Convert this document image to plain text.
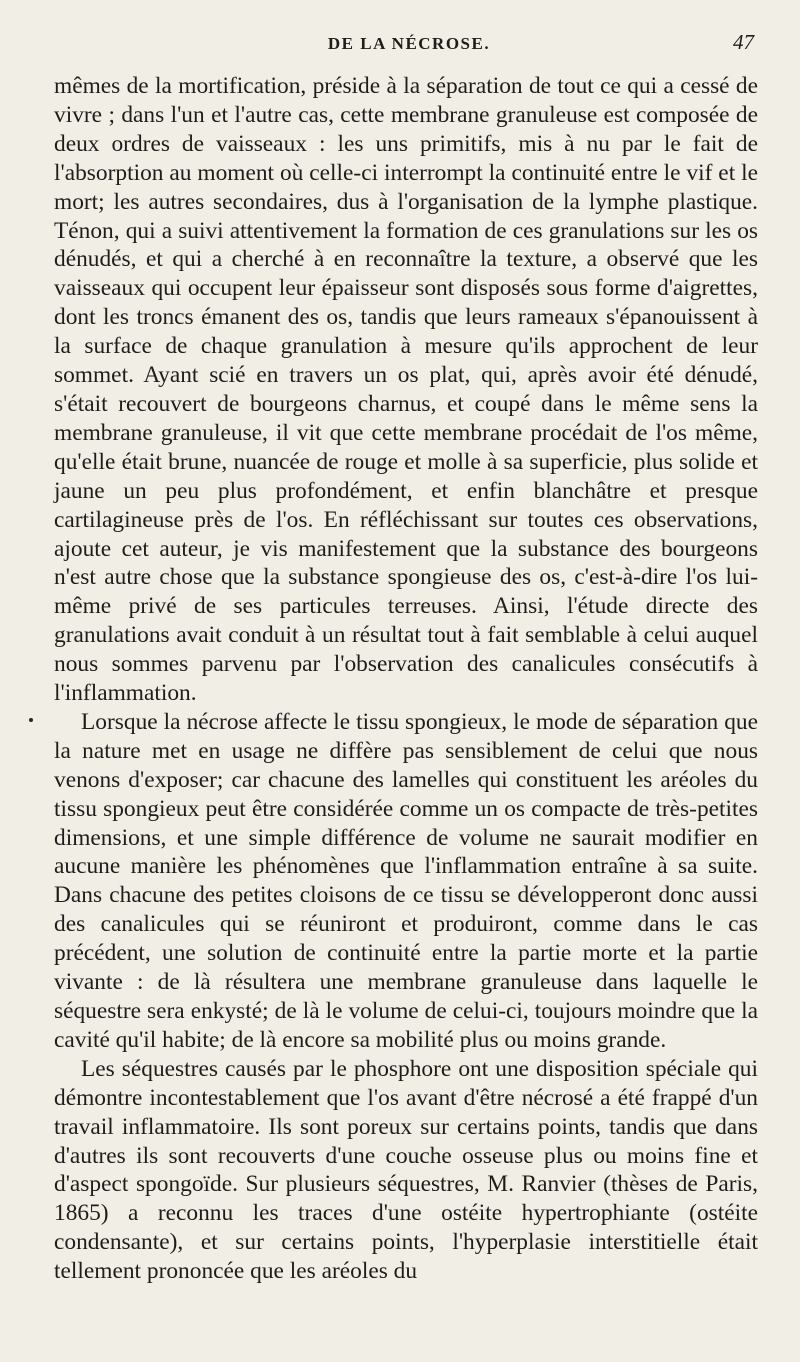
DE LA NÉCROSE.	47

mêmes de la mortification, préside à la séparation de tout ce qui a cessé de vivre ; dans l'un et l'autre cas, cette membrane granuleuse est composée de deux ordres de vaisseaux : les uns primitifs, mis à nu par le fait de l'absorption au moment où celle-ci interrompt la continuité entre le vif et le mort; les autres secondaires, dus à l'organisation de la lymphe plastique. Ténon, qui a suivi attentivement la formation de ces granulations sur les os dénudés, et qui a cherché à en reconnaître la texture, a observé que les vaisseaux qui occupent leur épaisseur sont disposés sous forme d'aigrettes, dont les troncs émanent des os, tandis que leurs rameaux s'épanouissent à la surface de chaque granulation à mesure qu'ils approchent de leur sommet. Ayant scié en travers un os plat, qui, après avoir été dénudé, s'était recouvert de bourgeons charnus, et coupé dans le même sens la membrane granuleuse, il vit que cette membrane procédait de l'os même, qu'elle était brune, nuancée de rouge et molle à sa superficie, plus solide et jaune un peu plus profondément, et enfin blanchâtre et presque cartilagineuse près de l'os. En réfléchissant sur toutes ces observations, ajoute cet auteur, je vis manifestement que la substance des bourgeons n'est autre chose que la substance spongieuse des os, c'est-à-dire l'os lui-même privé de ses particules terreuses. Ainsi, l'étude directe des granulations avait conduit à un résultat tout à fait semblable à celui auquel nous sommes parvenu par l'observation des canalicules consécutifs à l'inflammation.

Lorsque la nécrose affecte le tissu spongieux, le mode de séparation que la nature met en usage ne diffère pas sensiblement de celui que nous venons d'exposer; car chacune des lamelles qui constituent les aréoles du tissu spongieux peut être considérée comme un os compacte de très-petites dimensions, et une simple différence de volume ne saurait modifier en aucune manière les phénomènes que l'inflammation entraîne à sa suite. Dans chacune des petites cloisons de ce tissu se développeront donc aussi des canalicules qui se réuniront et produiront, comme dans le cas précédent, une solution de continuité entre la partie morte et la partie vivante : de là résultera une membrane granuleuse dans laquelle le séquestre sera enkysté; de là le volume de celui-ci, toujours moindre que la cavité qu'il habite; de là encore sa mobilité plus ou moins grande.

Les séquestres causés par le phosphore ont une disposition spéciale qui démontre incontestablement que l'os avant d'être nécrosé a été frappé d'un travail inflammatoire. Ils sont poreux sur certains points, tandis que dans d'autres ils sont recouverts d'une couche osseuse plus ou moins fine et d'aspect spongoïde. Sur plusieurs séquestres, M. Ranvier (thèses de Paris, 1865) a reconnu les traces d'une ostéite hypertrophiante (ostéite condensante), et sur certains points, l'hyperplasie interstitielle était tellement prononcée que les aréoles du
